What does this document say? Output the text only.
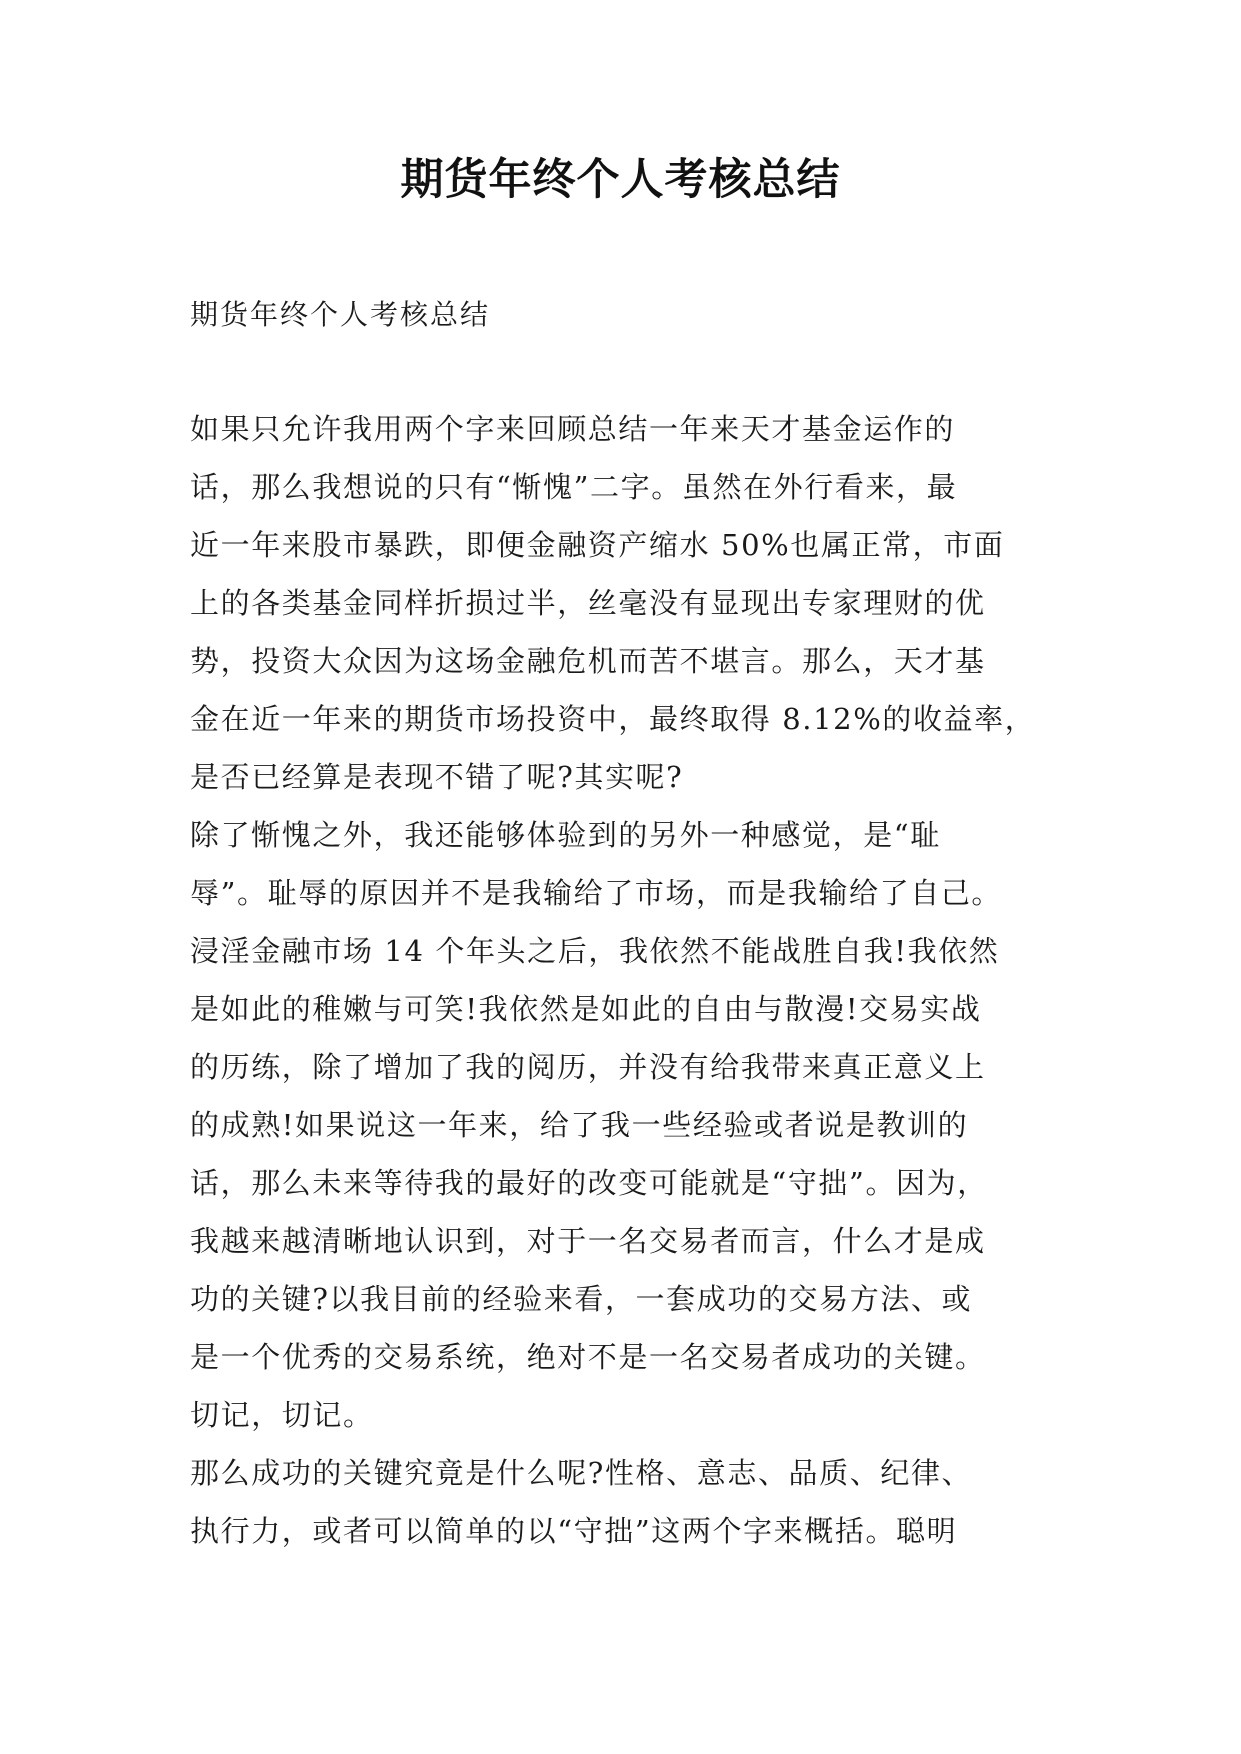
期货年终个人考核总结

期货年终个人考核总结

如果只允许我用两个字来回顾总结一年来天才基金运作的
话，那么我想说的只有“惭愧”二字。虽然在外行看来，最
近一年来股市暴跌，即便金融资产缩水 50%也属正常，市面
上的各类基金同样折损过半，丝毫没有显现出专家理财的优
势，投资大众因为这场金融危机而苦不堪言。那么，天才基
金在近一年来的期货市场投资中，最终取得 8.12%的收益率，
是否已经算是表现不错了呢?其实呢?
除了惭愧之外，我还能够体验到的另外一种感觉，是“耻
辱”。耻辱的原因并不是我输给了市场，而是我输给了自己。
浸淫金融市场 14 个年头之后，我依然不能战胜自我!我依然
是如此的稚嫩与可笑!我依然是如此的自由与散漫!交易实战
的历练，除了增加了我的阅历，并没有给我带来真正意义上
的成熟!如果说这一年来，给了我一些经验或者说是教训的
话，那么未来等待我的最好的改变可能就是“守拙”。因为，
我越来越清晰地认识到，对于一名交易者而言，什么才是成
功的关键?以我目前的经验来看，一套成功的交易方法、或
是一个优秀的交易系统，绝对不是一名交易者成功的关键。
切记，切记。
那么成功的关键究竟是什么呢?性格、意志、品质、纪律、
执行力，或者可以简单的以“守拙”这两个字来概括。聪明
